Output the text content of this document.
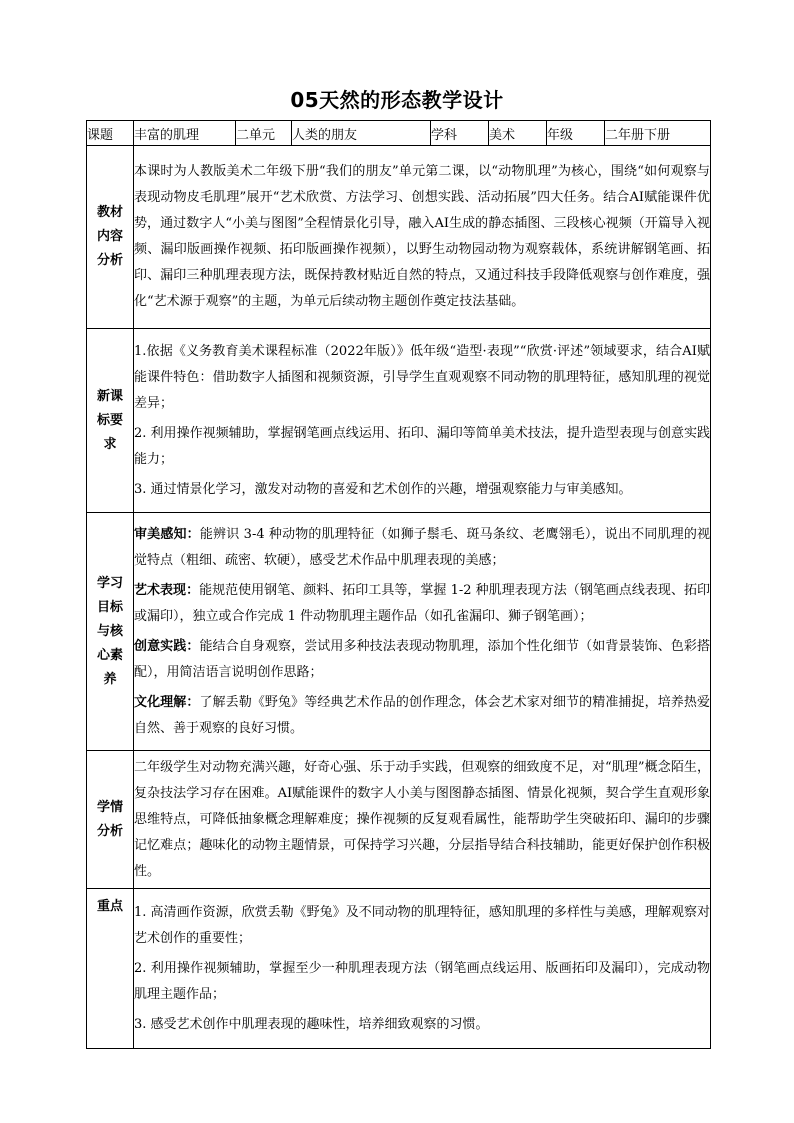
05天然的形态教学设计
课题	丰富的肌理	二单元	人类的朋友	学科	美术	年级	二年册下册
教材内容分析	本课时为人教版美术二年级下册“我们的朋友”单元第二课，以“动物肌理”为核心，围绕“如何观察与表现动物皮毛肌理”展开“艺术欣赏、方法学习、创想实践、活动拓展”四大任务。结合AI赋能课件优势，通过数字人“小美与图图”全程情景化引导，融入AI生成的静态插图、三段核心视频（开篇导入视频、漏印版画操作视频、拓印版画操作视频），以野生动物园动物为观察载体，系统讲解钢笔画、拓印、漏印三种肌理表现方法，既保持教材贴近自然的特点，又通过科技手段降低观察与创作难度，强化“艺术源于观察”的主题，为单元后续动物主题创作奠定技法基础。						

新课标要求	1.依据《义务教育美术课程标准（2022年版）》低年级“造型·表现”“欣赏·评述”领域要求，结合AI赋能课件特色：借助数字人插图和视频资源，引导学生直观观察不同动物的肌理特征，感知肌理的视觉差异；

2. 利用操作视频辅助，掌握钢笔画点线运用、拓印、漏印等简单美术技法，提升造型表现与创意实践能力；

3. 通过情景化学习，激发对动物的喜爱和艺术创作的兴趣，增强观察能力与审美感知。						

学习目标与核心素养	审美感知：能辨识 3-4 种动物的肌理特征（如狮子鬃毛、斑马条纹、老鹰翎毛），说出不同肌理的视觉特点（粗细、疏密、软硬），感受艺术作品中肌理表现的美感；

艺术表现：能规范使用钢笔、颜料、拓印工具等，掌握 1-2 种肌理表现方法（钢笔画点线表现、拓印或漏印），独立或合作完成 1 件动物肌理主题作品（如孔雀漏印、狮子钢笔画）；

创意实践：能结合自身观察，尝试用多种技法表现动物肌理，添加个性化细节（如背景装饰、色彩搭配），用简洁语言说明创作思路；

文化理解：了解丢勒《野兔》等经典艺术作品的创作理念，体会艺术家对细节的精准捕捉，培养热爱自然、善于观察的良好习惯。						

学情分析	二年级学生对动物充满兴趣，好奇心强、乐于动手实践，但观察的细致度不足，对“肌理”概念陌生，复杂技法学习存在困难。AI赋能课件的数字人小美与图图静态插图、情景化视频，契合学生直观形象思维特点，可降低抽象概念理解难度；操作视频的反复观看属性，能帮助学生突破拓印、漏印的步骤记忆难点；趣味化的动物主题情景，可保持学习兴趣，分层指导结合科技辅助，能更好保护创作积极性。						

重点	1. 高清画作资源，欣赏丢勒《野兔》及不同动物的肌理特征，感知肌理的多样性与美感，理解观察对艺术创作的重要性；

2. 利用操作视频辅助，掌握至少一种肌理表现方法（钢笔画点线运用、版画拓印及漏印），完成动物肌理主题作品；

3. 感受艺术创作中肌理表现的趣味性，培养细致观察的习惯。						
